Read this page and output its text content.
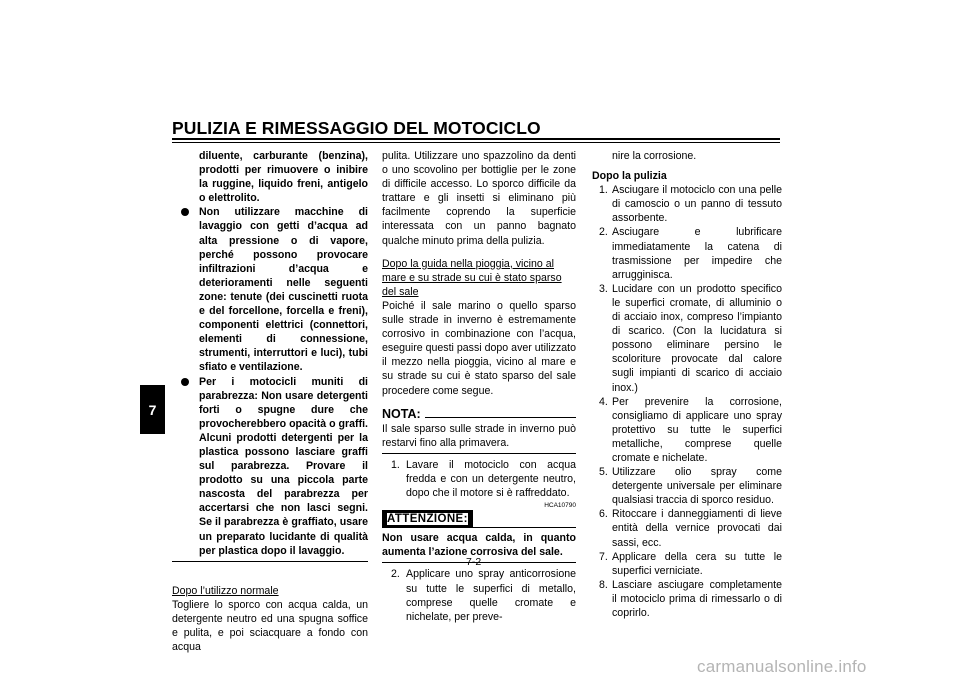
PULIZIA E RIMESSAGGIO DEL MOTOCICLO
7

diluente, carburante (benzina), prodotti per rimuovere o inibire la ruggine, liquido freni, antigelo o elettrolito.

Non utilizzare macchine di lavaggio con getti d’acqua ad alta pressione o di vapore, perché possono provocare infiltrazioni d’acqua e deterioramenti nelle seguenti zone: tenute (dei cuscinetti ruota e del forcellone, forcella e freni), componenti elettrici (connettori, elementi di connessione, strumenti, interruttori e luci), tubi sfiato e ventilazione.
Per i motocicli muniti di parabrezza: Non usare detergenti forti o spugne dure che provocherebbero opacità o graffi. Alcuni prodotti detergenti per la plastica possono lasciare graffi sul parabrezza. Provare il prodotto su una piccola parte nascosta del parabrezza per accertarsi che non lasci segni. Se il parabrezza è graffiato, usare un preparato lucidante di qualità per plastica dopo il lavaggio.

Dopo l’utilizzo normale

Togliere lo sporco con acqua calda, un detergente neutro ed una spugna soffice e pulita, e poi sciacquare a fondo con acqua

pulita. Utilizzare uno spazzolino da denti o uno scovolino per bottiglie per le zone di difficile accesso. Lo sporco difficile da trattare e gli insetti si eliminano più facilmente coprendo la superficie interessata con un panno bagnato qualche minuto prima della pulizia.

Dopo la guida nella pioggia, vicino al mare e su strade su cui è stato sparso del sale

Poiché il sale marino o quello sparso sulle strade in inverno è estremamente corrosivo in combinazione con l’acqua, eseguire questi passi dopo aver utilizzato il mezzo nella pioggia, vicino al mare e su strade su cui è stato sparso del sale procedere come segue.

NOTA:

Il sale sparso sulle strade in inverno può restarvi fino alla primavera.

1. Lavare il motociclo con acqua fredda e con un detergente neutro, dopo che il motore si è raffreddato.
HCA10790
ATTENZIONE:

Non usare acqua calda, in quanto aumenta l’azione corrosiva del sale.

2. Applicare uno spray anticorrosione su tutte le superfici di metallo, comprese quelle cromate e nichelate, per preve-

nire la corrosione.

Dopo la pulizia

1. Asciugare il motociclo con una pelle di camoscio o un panno di tessuto assorbente.
2. Asciugare e lubrificare immediatamente la catena di trasmissione per impedire che arrugginisca.
3. Lucidare con un prodotto specifico le superfici cromate, di alluminio o di acciaio inox, compreso l’impianto di scarico. (Con la lucidatura si possono eliminare persino le scoloriture provocate dal calore sugli impianti di scarico di acciaio inox.)
4. Per prevenire la corrosione, consigliamo di applicare uno spray protettivo su tutte le superfici metalliche, comprese quelle cromate e nichelate.
5. Utilizzare olio spray come detergente universale per eliminare qualsiasi traccia di sporco residuo.
6. Ritoccare i danneggiamenti di lieve entità della vernice provocati dai sassi, ecc.
7. Applicare della cera su tutte le superfici verniciate.
8. Lasciare asciugare completamente il motociclo prima di rimessarlo o di coprirlo.
7-2
carmanualsonline.info
